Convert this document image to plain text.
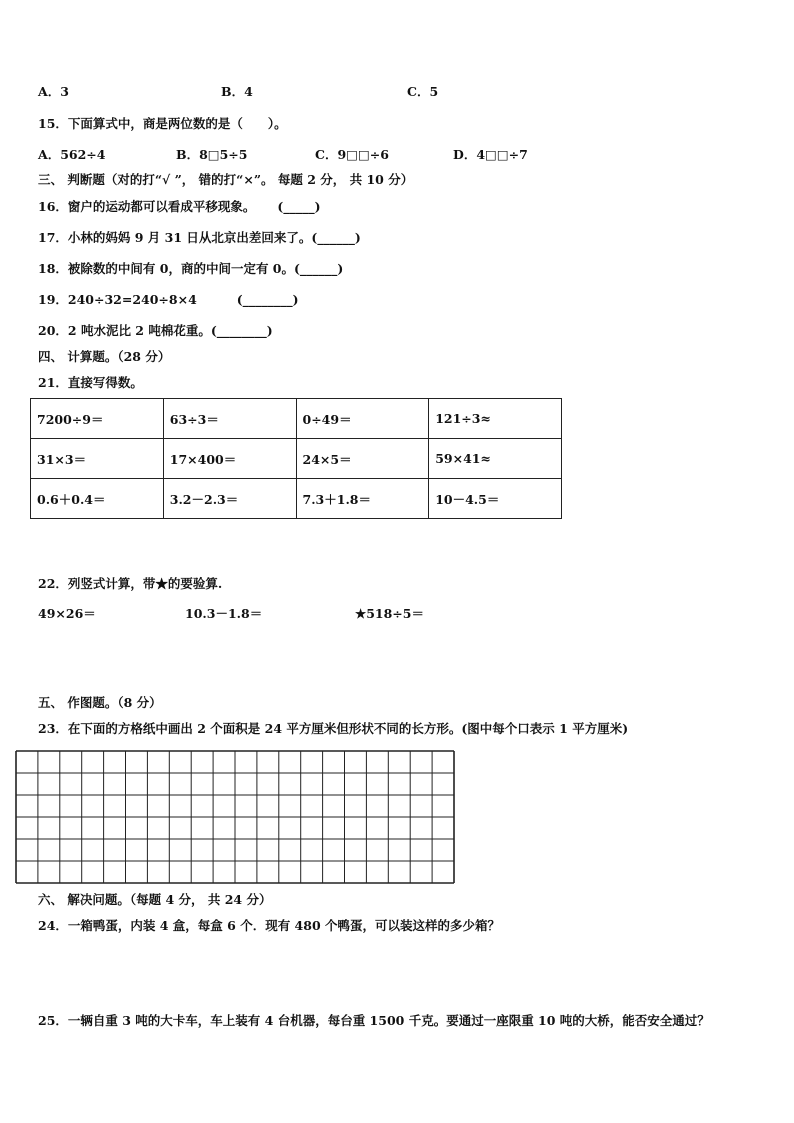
A．3	B．4	C．5
15．下面算式中，商是两位数的是（　　）。
A．562÷4	B．8□5÷5	C．9□□÷6	D．4□□÷7
三、 判断题（对的打“√ ”， 错的打“×”。 每题 2 分， 共 10 分）
16．窗户的运动都可以看成平移现象。 (_____)
17．小林的妈妈 9 月 31 日从北京出差回来了。(______)
18．被除数的中间有 0，商的中间一定有 0。(______)
19．240÷32=240÷8×4	(________)
20．2 吨水泥比 2 吨棉花重。(________)
四、 计算题。（28 分）
21．直接写得数。
7200÷9＝	63÷3＝	0÷49＝	121÷3≈
31×3＝	17×400＝	24×5＝	59×41≈
0.6＋0.4＝	3.2－2.3＝	7.3＋1.8＝	10－4.5＝
22．列竖式计算，带★的要验算.
49×26＝	10.3－1.8＝	★518÷5＝
五、 作图题。（8 分）
23．在下面的方格纸中画出 2 个面积是 24 平方厘米但形状不同的长方形。(图中每个口表示 1 平方厘米)
六、 解决问题。（每题 4 分， 共 24 分）
24．一箱鸭蛋，内装 4 盒，每盒 6 个．现有 480 个鸭蛋，可以装这样的多少箱？
25．一辆自重 3 吨的大卡车，车上装有 4 台机器，每台重 1500 千克。要通过一座限重 10 吨的大桥，能否安全通过？
